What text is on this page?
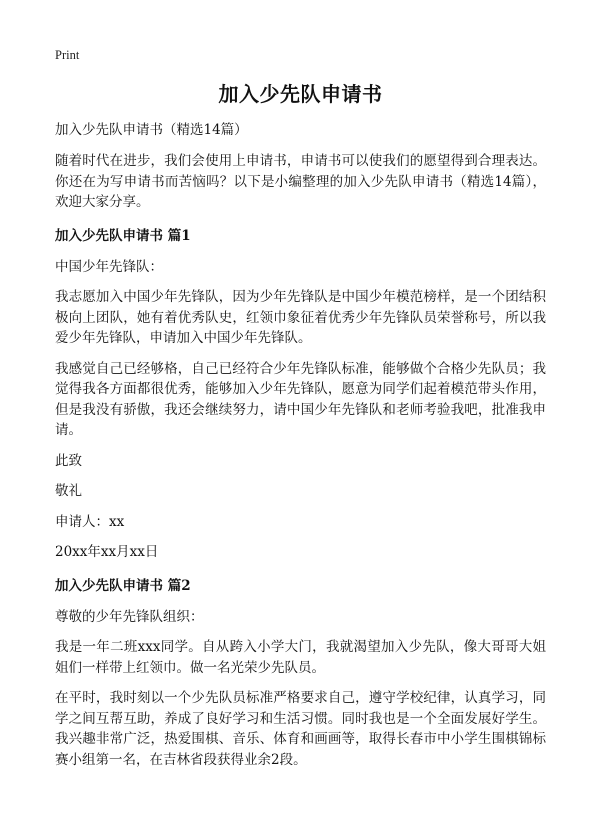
Print
加入少先队申请书
加入少先队申请书（精选14篇）

随着时代在进步，我们会使用上申请书，申请书可以使我们的愿望得到合理表达。你还在为写申请书而苦恼吗？以下是小编整理的加入少先队申请书（精选14篇），欢迎大家分享。

加入少先队申请书 篇1

中国少年先锋队：

我志愿加入中国少年先锋队，因为少年先锋队是中国少年模范榜样，是一个团结积极向上团队，她有着优秀队史，红领巾象征着优秀少年先锋队员荣誉称号，所以我爱少年先锋队，申请加入中国少年先锋队。

我感觉自己已经够格，自己已经符合少年先锋队标准，能够做个合格少先队员；我觉得我各方面都很优秀，能够加入少年先锋队，愿意为同学们起着模范带头作用，但是我没有骄傲，我还会继续努力，请中国少年先锋队和老师考验我吧，批准我申请。

此致

敬礼

申请人：xx

20xx年xx月xx日

加入少先队申请书 篇2

尊敬的少年先锋队组织：

我是一年二班xxx同学。自从跨入小学大门，我就渴望加入少先队，像大哥哥大姐姐们一样带上红领巾。做一名光荣少先队员。

在平时，我时刻以一个少先队员标准严格要求自己，遵守学校纪律，认真学习，同学之间互帮互助，养成了良好学习和生活习惯。同时我也是一个全面发展好学生。我兴趣非常广泛，热爱围棋、音乐、体育和画画等，取得长春市中小学生围棋锦标赛小组第一名，在吉林省段获得业余2段。
